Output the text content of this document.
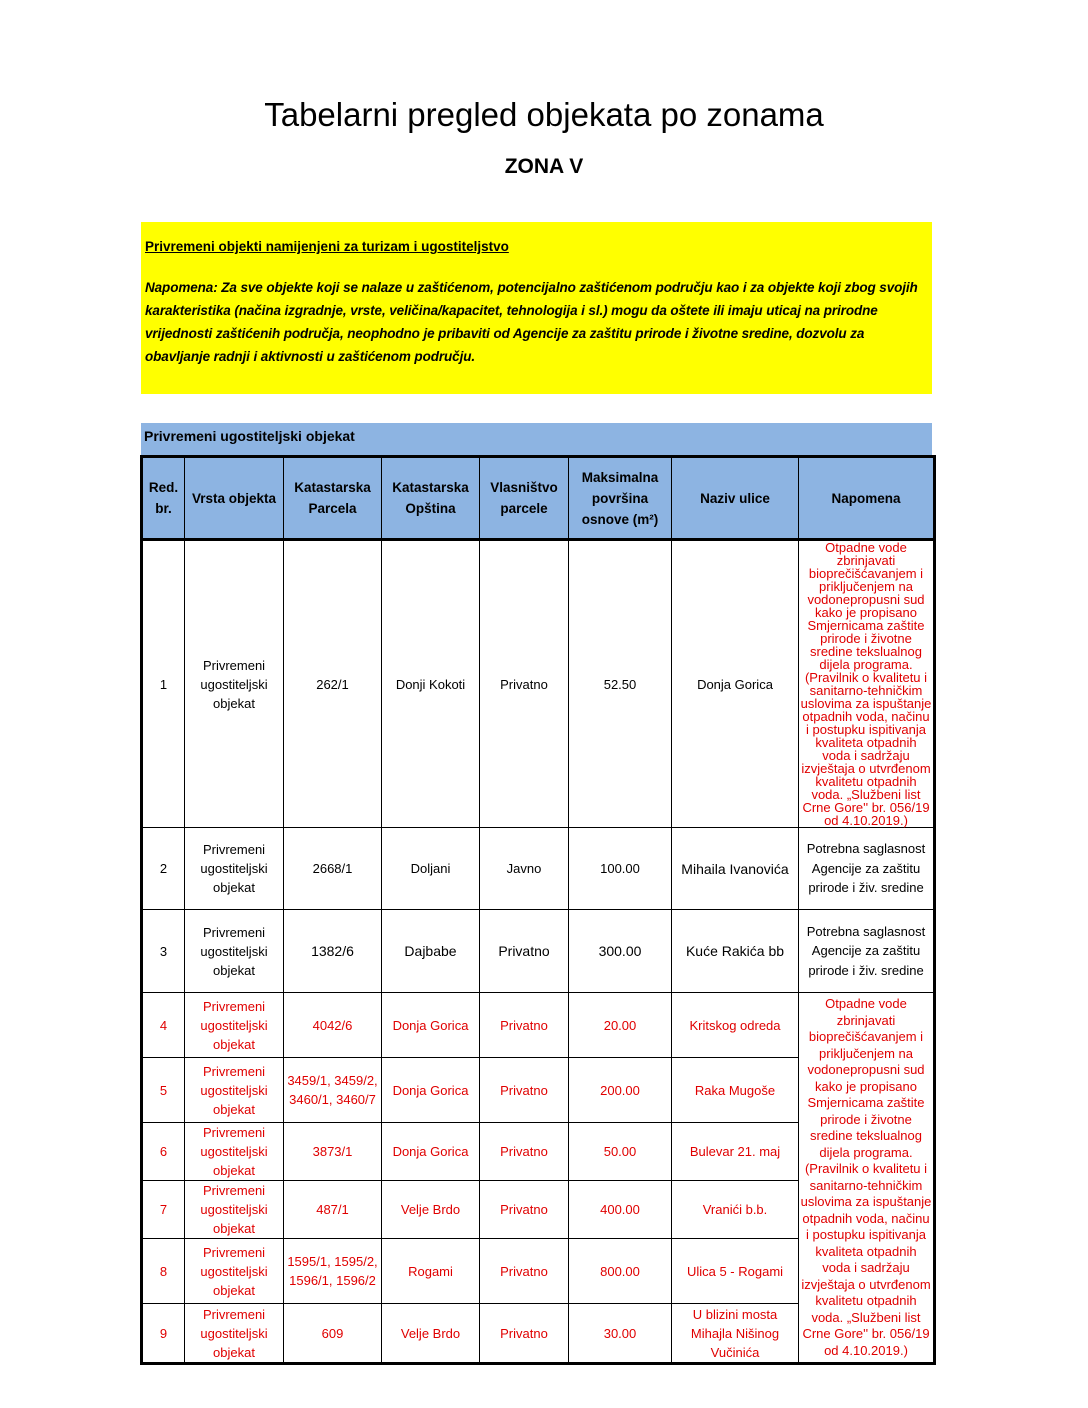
Tabelarni pregled objekata po zonama
ZONA V

Privremeni objekti namijenjeni za turizam i ugostiteljstvo

Napomena: Za sve objekte koji se nalaze u zaštićenom, potencijalno zaštićenom području kao i za objekte koji zbog svojih karakteristika (načina izgradnje, vrste, veličina/kapacitet, tehnologija i sl.) mogu da oštete ili imaju uticaj na prirodne vrijednosti zaštićenih područja, neophodno je pribaviti od Agencije za zaštitu prirode i životne sredine, dozvolu za obavljanje radnji i aktivnosti u zaštićenom području.

Privremeni ugostiteljski objekat
Red. br.	Vrsta objekta	Katastarska Parcela	Katastarska Opština	Vlasništvo parcele	Maksimalna površina osnove (m²)	Naziv ulice	Napomena
1	Privremeni ugostiteljski objekat	262/1	Donji Kokoti	Privatno	52.50	Donja Gorica	Otpadne vode zbrinjavati bioprečišćavanjem i priključenjem na vodonepropusni sud kako je propisano Smjernicama zaštite prirode i životne sredine tekslualnog dijela programa. (Pravilnik o kvalitetu i sanitarno-tehničkim uslovima za ispuštanje otpadnih voda, načinu i postupku ispitivanja kvaliteta otpadnih voda i sadržaju izvještaja o utvrđenom kvalitetu otpadnih voda. „Službeni list Crne Gore'' br. 056/19 od 4.10.2019.)
2	Privremeni ugostiteljski objekat	2668/1	Doljani	Javno	100.00	Mihaila Ivanovića	Potrebna saglasnost Agencije za zaštitu prirode i živ. sredine
3	Privremeni ugostiteljski objekat	1382/6	Dajbabe	Privatno	300.00	Kuće Rakića bb	Potrebna saglasnost Agencije za zaštitu prirode i živ. sredine
4	Privremeni ugostiteljski objekat	4042/6	Donja Gorica	Privatno	20.00	Kritskog odreda	Otpadne vode zbrinjavati bioprečišćavanjem i priključenjem na vodonepropusni sud kako je propisano Smjernicama zaštite prirode i životne sredine tekslualnog dijela programa. (Pravilnik o kvalitetu i sanitarno-tehničkim uslovima za ispuštanje otpadnih voda, načinu i postupku ispitivanja kvaliteta otpadnih voda i sadržaju izvještaja o utvrđenom kvalitetu otpadnih voda. „Službeni list Crne Gore'' br. 056/19 od 4.10.2019.)
5	Privremeni ugostiteljski objekat	3459/1, 3459/2, 3460/1, 3460/7	Donja Gorica	Privatno	200.00	Raka Mugoše	
6	Privremeni ugostiteljski objekat	3873/1	Donja Gorica	Privatno	50.00	Bulevar 21. maj	
7	Privremeni ugostiteljski objekat	487/1	Velje Brdo	Privatno	400.00	Vranići b.b.	
8	Privremeni ugostiteljski objekat	1595/1, 1595/2, 1596/1, 1596/2	Rogami	Privatno	800.00	Ulica 5 - Rogami	
9	Privremeni ugostiteljski objekat	609	Velje Brdo	Privatno	30.00	U blizini mosta Mihajla Nišinog Vučinića	
